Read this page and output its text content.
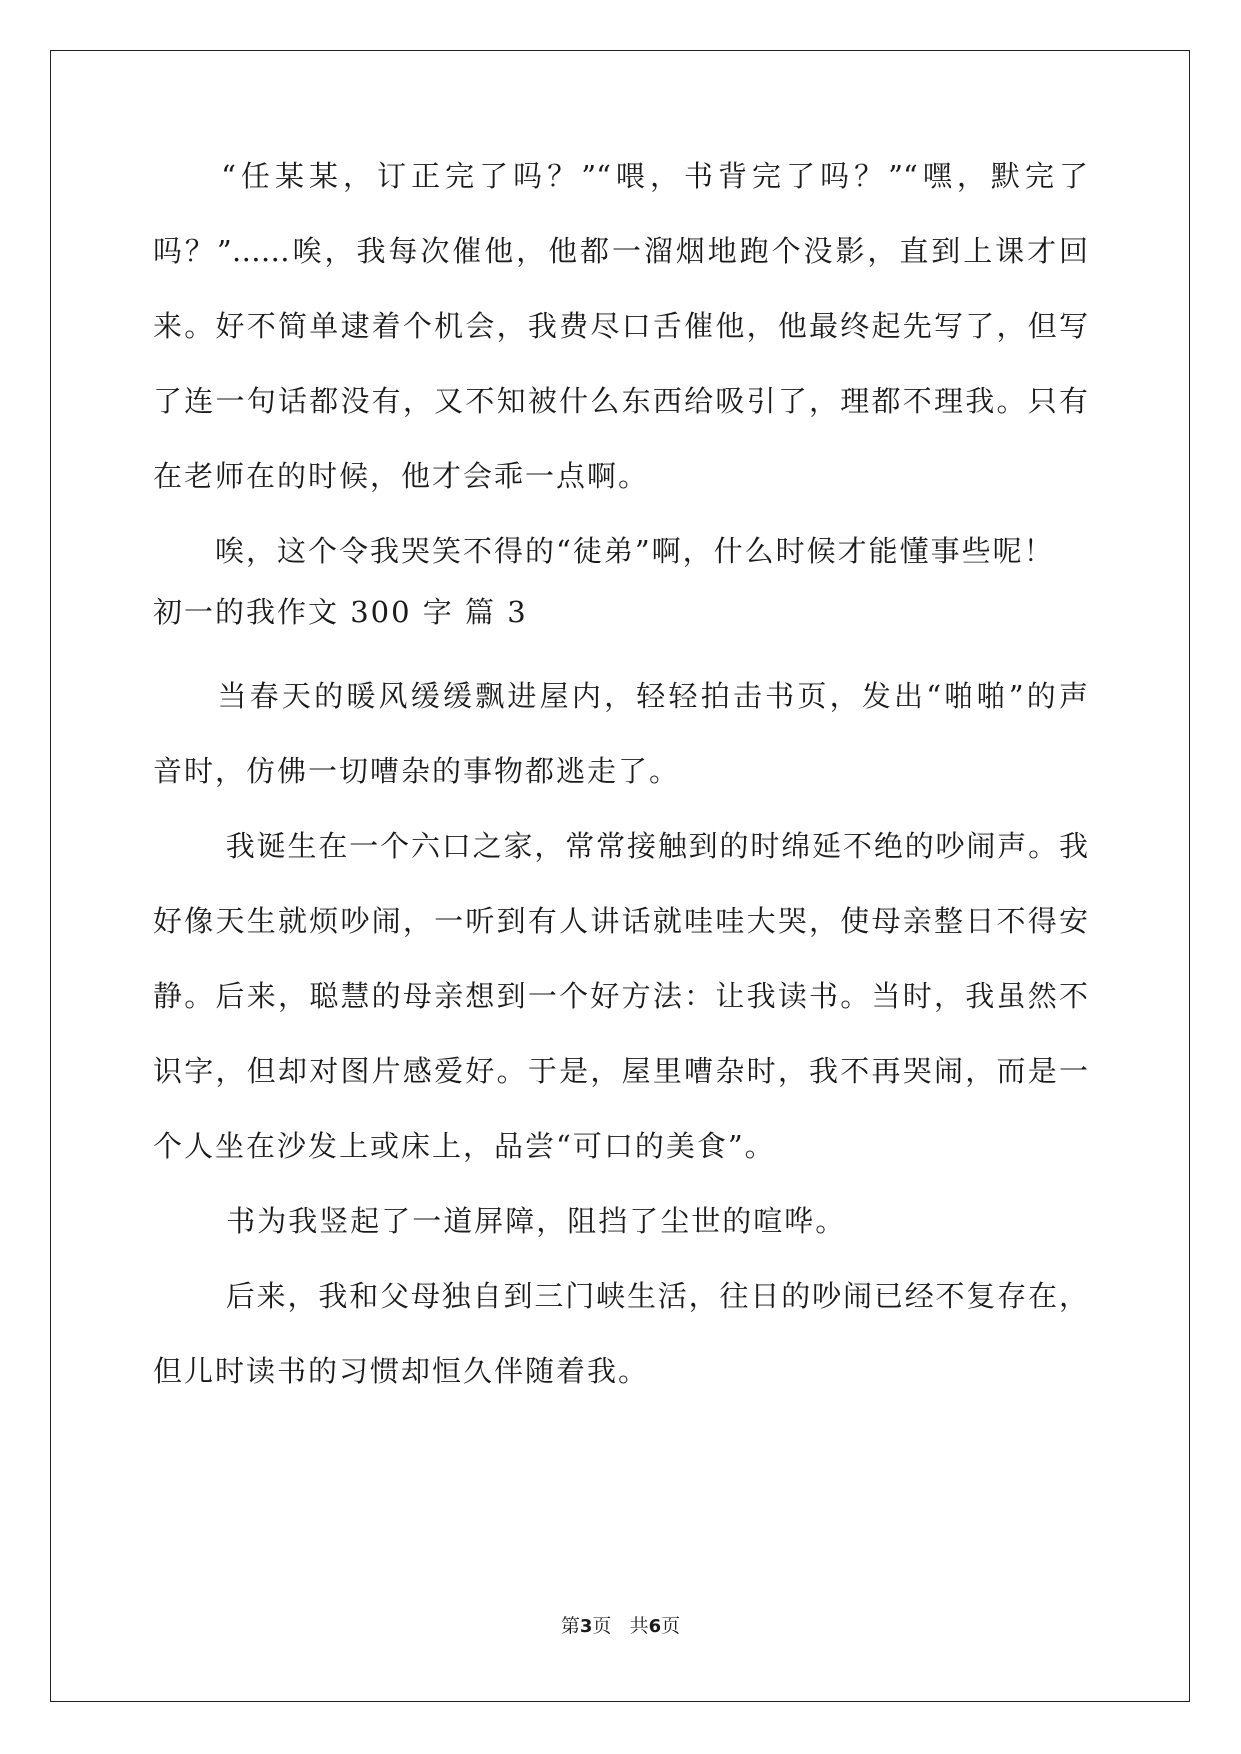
　　“任某某，订正完了吗？”“喂，书背完了吗？”“嘿，默完了
吗？”……唉，我每次催他，他都一溜烟地跑个没影，直到上课才回
来。好不简单逮着个机会，我费尽口舌催他，他最终起先写了，但写
了连一句话都没有，又不知被什么东西给吸引了，理都不理我。只有
在老师在的时候，他才会乖一点啊。
　　唉，这个令我哭笑不得的“徒弟”啊，什么时候才能懂事些呢！
初一的我作文 300 字 篇 3
　　当春天的暖风缓缓飘进屋内，轻轻拍击书页，发出“啪啪”的声
音时，仿佛一切嘈杂的事物都逃走了。
　　 我诞生在一个六口之家，常常接触到的时绵延不绝的吵闹声。我
好像天生就烦吵闹，一听到有人讲话就哇哇大哭，使母亲整日不得安
静。后来，聪慧的母亲想到一个好方法：让我读书。当时，我虽然不
识字，但却对图片感爱好。于是，屋里嘈杂时，我不再哭闹，而是一
个人坐在沙发上或床上，品尝“可口的美食”。
　　 书为我竖起了一道屏障，阻挡了尘世的喧哗。
　　 后来，我和父母独自到三门峡生活，往日的吵闹已经不复存在，
但儿时读书的习惯却恒久伴随着我。
第3页 共6页
